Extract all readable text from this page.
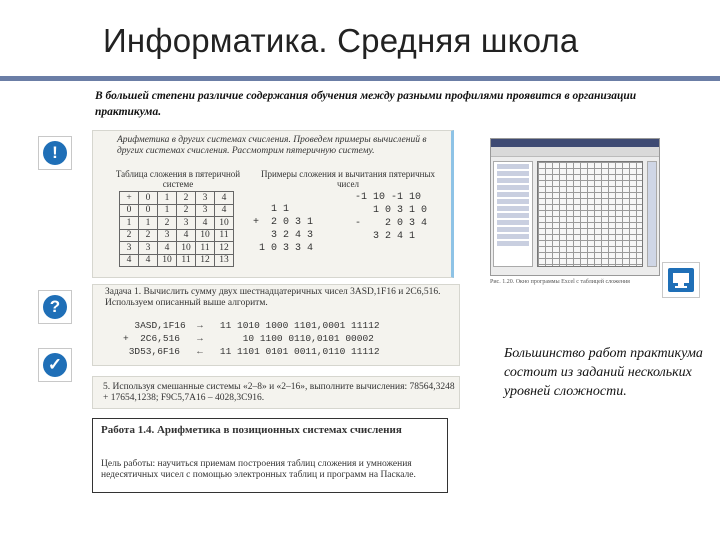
Информатика. Средняя школа
В большей степени различие содержания обучения между разными профилями проявится в организации практикума.
!
?
✓
Арифметика в других системах счисления. Проведем примеры вычислений в других системах счисления. Рассмотрим пятеричную систему.
Таблица сложения в пятеричной системе
Примеры сложения и вычитания пятеричных чисел
+	0	1	2	3	4
0	0	1	2	3	4
1	1	2	3	4	10
2	2	3	4	10	11
3	3	4	10	11	12
4	4	10	11	12	13
1 1
+  2 0 3 1
3 2 4 3
1 0 3 3 4
-1 10 -1 10
1 0 3 1 0
-    2 0 3 4
3 2 4 1
Рис. 1.20. Окно программы Excel с таблицей сложения
Задача 1. Вычислить сумму двух шестнадцатеричных чисел 3ASD,1F16 и 2C6,516. Используем описанный выше алгоритм.
3ASD,1F16  →   11 1010 1000 1101,0001 11112
+  2C6,516   →       10 1100 0110,0101 00002
3D53,6F16   ←   11 1101 0101 0011,0110 11112
5. Используя смешанные системы «2–8» и «2–16», выполните вычисления: 78564,3248 + 17654,1238; F9C5,7A16 – 4028,3C916.
Работа 1.4. Арифметика в позиционных системах счисления
Цель работы: научиться приемам построения таблиц сложения и умножения недесятичных чисел с помощью электронных таблиц и программ на Паскале.
Большинство работ практикума состоит из заданий нескольких уровней сложности.
